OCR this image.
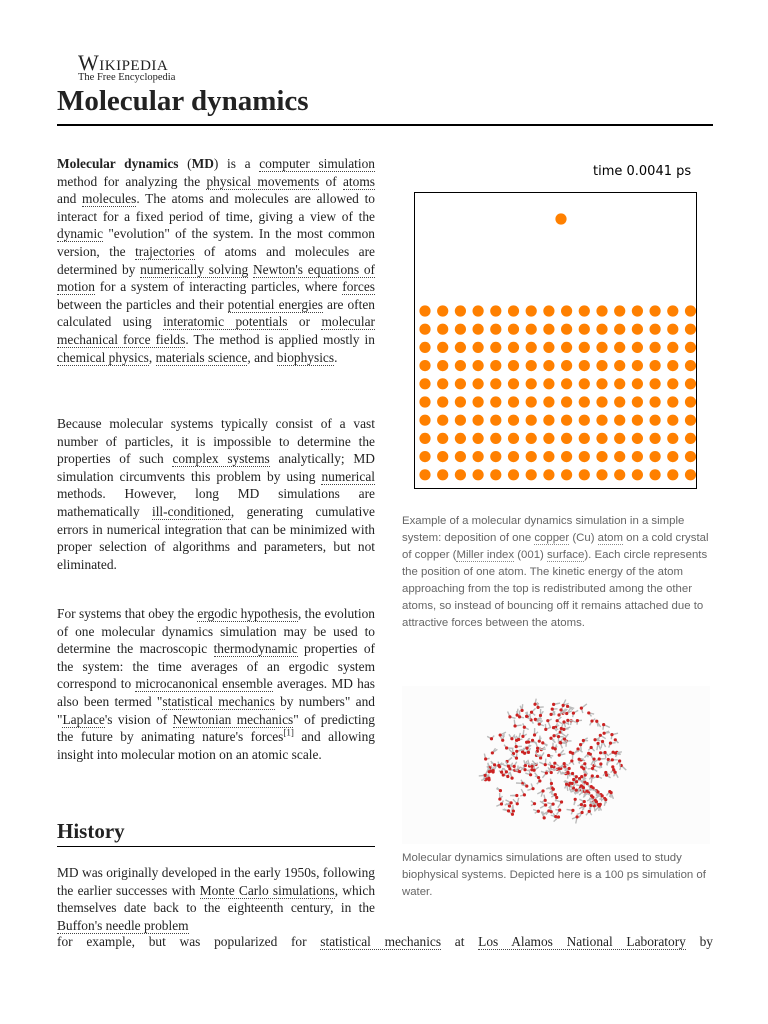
Wikipedia
The Free Encyclopedia
Molecular dynamics

Molecular dynamics (MD) is a computer simulation method for analyzing the physical movements of atoms and molecules. The atoms and molecules are allowed to interact for a fixed period of time, giving a view of the dynamic "evolution" of the system. In the most common version, the trajectories of atoms and molecules are determined by numerically solving Newton's equations of motion for a system of interacting particles, where forces between the particles and their potential energies are often calculated using interatomic potentials or molecular mechanical force fields. The method is applied mostly in chemical physics, materials science, and biophysics.

Because molecular systems typically consist of a vast number of particles, it is impossible to determine the properties of such complex systems analytically; MD simulation circumvents this problem by using numerical methods. However, long MD simulations are mathematically ill-conditioned, generating cumulative errors in numerical integration that can be minimized with proper selection of algorithms and parameters, but not eliminated.

For systems that obey the ergodic hypothesis, the evolution of one molecular dynamics simulation may be used to determine the macroscopic thermodynamic properties of the system: the time averages of an ergodic system correspond to microcanonical ensemble averages. MD has also been termed "statistical mechanics by numbers" and "Laplace's vision of Newtonian mechanics" of predicting the future by animating nature's forces[1] and allowing insight into molecular motion on an atomic scale.

History

MD was originally developed in the early 1950s, following the earlier successes with Monte Carlo simulations, which themselves date back to the eighteenth century, in the Buffon's needle problem

for example, but was popularized for statistical mechanics at Los Alamos National Laboratory by

time 0.0041 ps
Example of a molecular dynamics simulation in a simple system: deposition of one copper (Cu) atom on a cold crystal of copper (Miller index (001) surface). Each circle represents the position of one atom. The kinetic energy of the atom approaching from the top is redistributed among the other atoms, so instead of bouncing off it remains attached due to attractive forces between the atoms.
Molecular dynamics simulations are often used to study biophysical systems. Depicted here is a 100 ps simulation of water.
